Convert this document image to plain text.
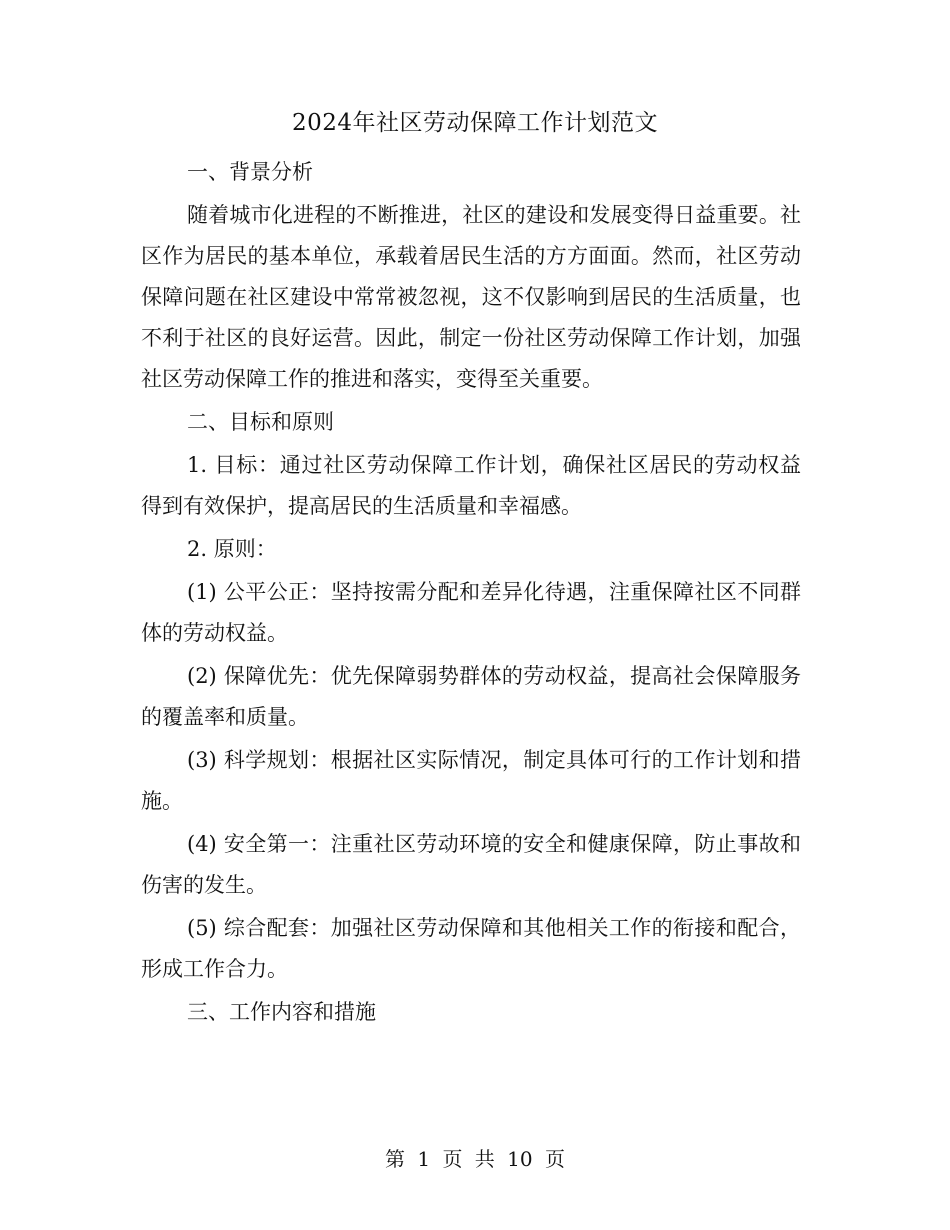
2024年社区劳动保障工作计划范文

一、背景分析

随着城市化进程的不断推进，社区的建设和发展变得日益重要。社区作为居民的基本单位，承载着居民生活的方方面面。然而，社区劳动保障问题在社区建设中常常被忽视，这不仅影响到居民的生活质量，也不利于社区的良好运营。因此，制定一份社区劳动保障工作计划，加强社区劳动保障工作的推进和落实，变得至关重要。

二、目标和原则

1. 目标：通过社区劳动保障工作计划，确保社区居民的劳动权益得到有效保护，提高居民的生活质量和幸福感。

2. 原则：

(1) 公平公正：坚持按需分配和差异化待遇，注重保障社区不同群体的劳动权益。

(2) 保障优先：优先保障弱势群体的劳动权益，提高社会保障服务的覆盖率和质量。

(3) 科学规划：根据社区实际情况，制定具体可行的工作计划和措施。

(4) 安全第一：注重社区劳动环境的安全和健康保障，防止事故和伤害的发生。

(5) 综合配套：加强社区劳动保障和其他相关工作的衔接和配合，形成工作合力。

三、工作内容和措施

第 1 页 共 10 页
